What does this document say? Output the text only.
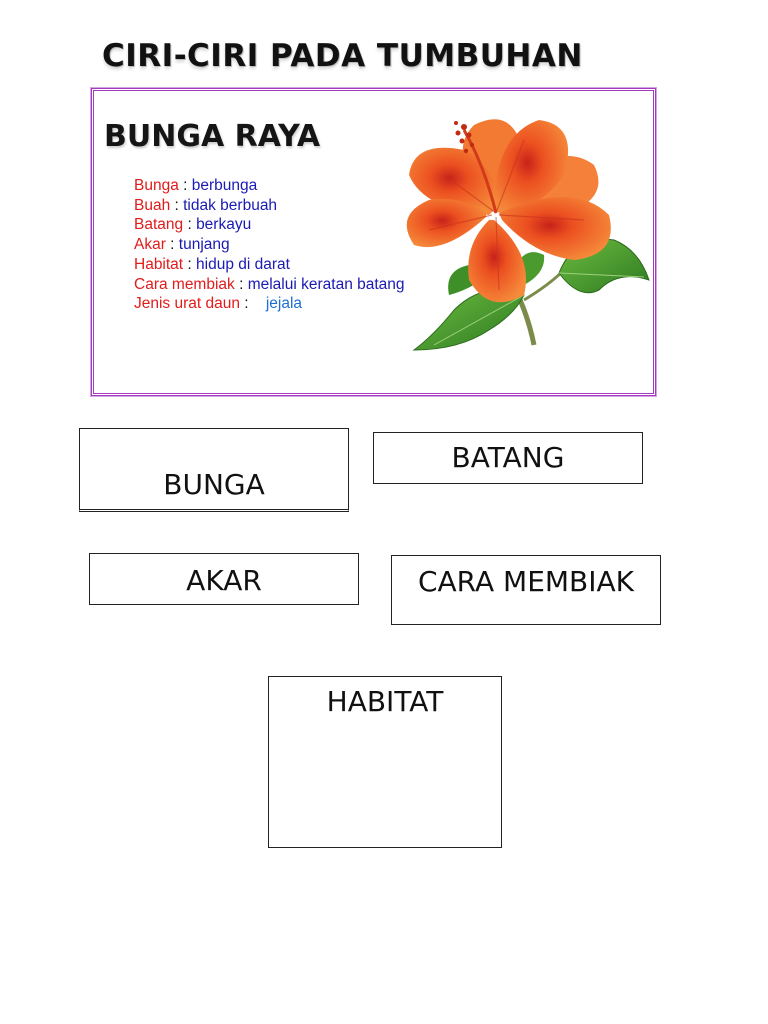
CIRI-CIRI PADA TUMBUHAN
BUNGA RAYA
Bunga : berbunga
Buah : tidak berbuah
Batang : berkayu
Akar : tunjang
Habitat : hidup di darat
Cara membiak : melalui keratan batang
Jenis urat daun :    jejala
BUNGA
BATANG
AKAR	CARA MEMBIAK
HABITAT
